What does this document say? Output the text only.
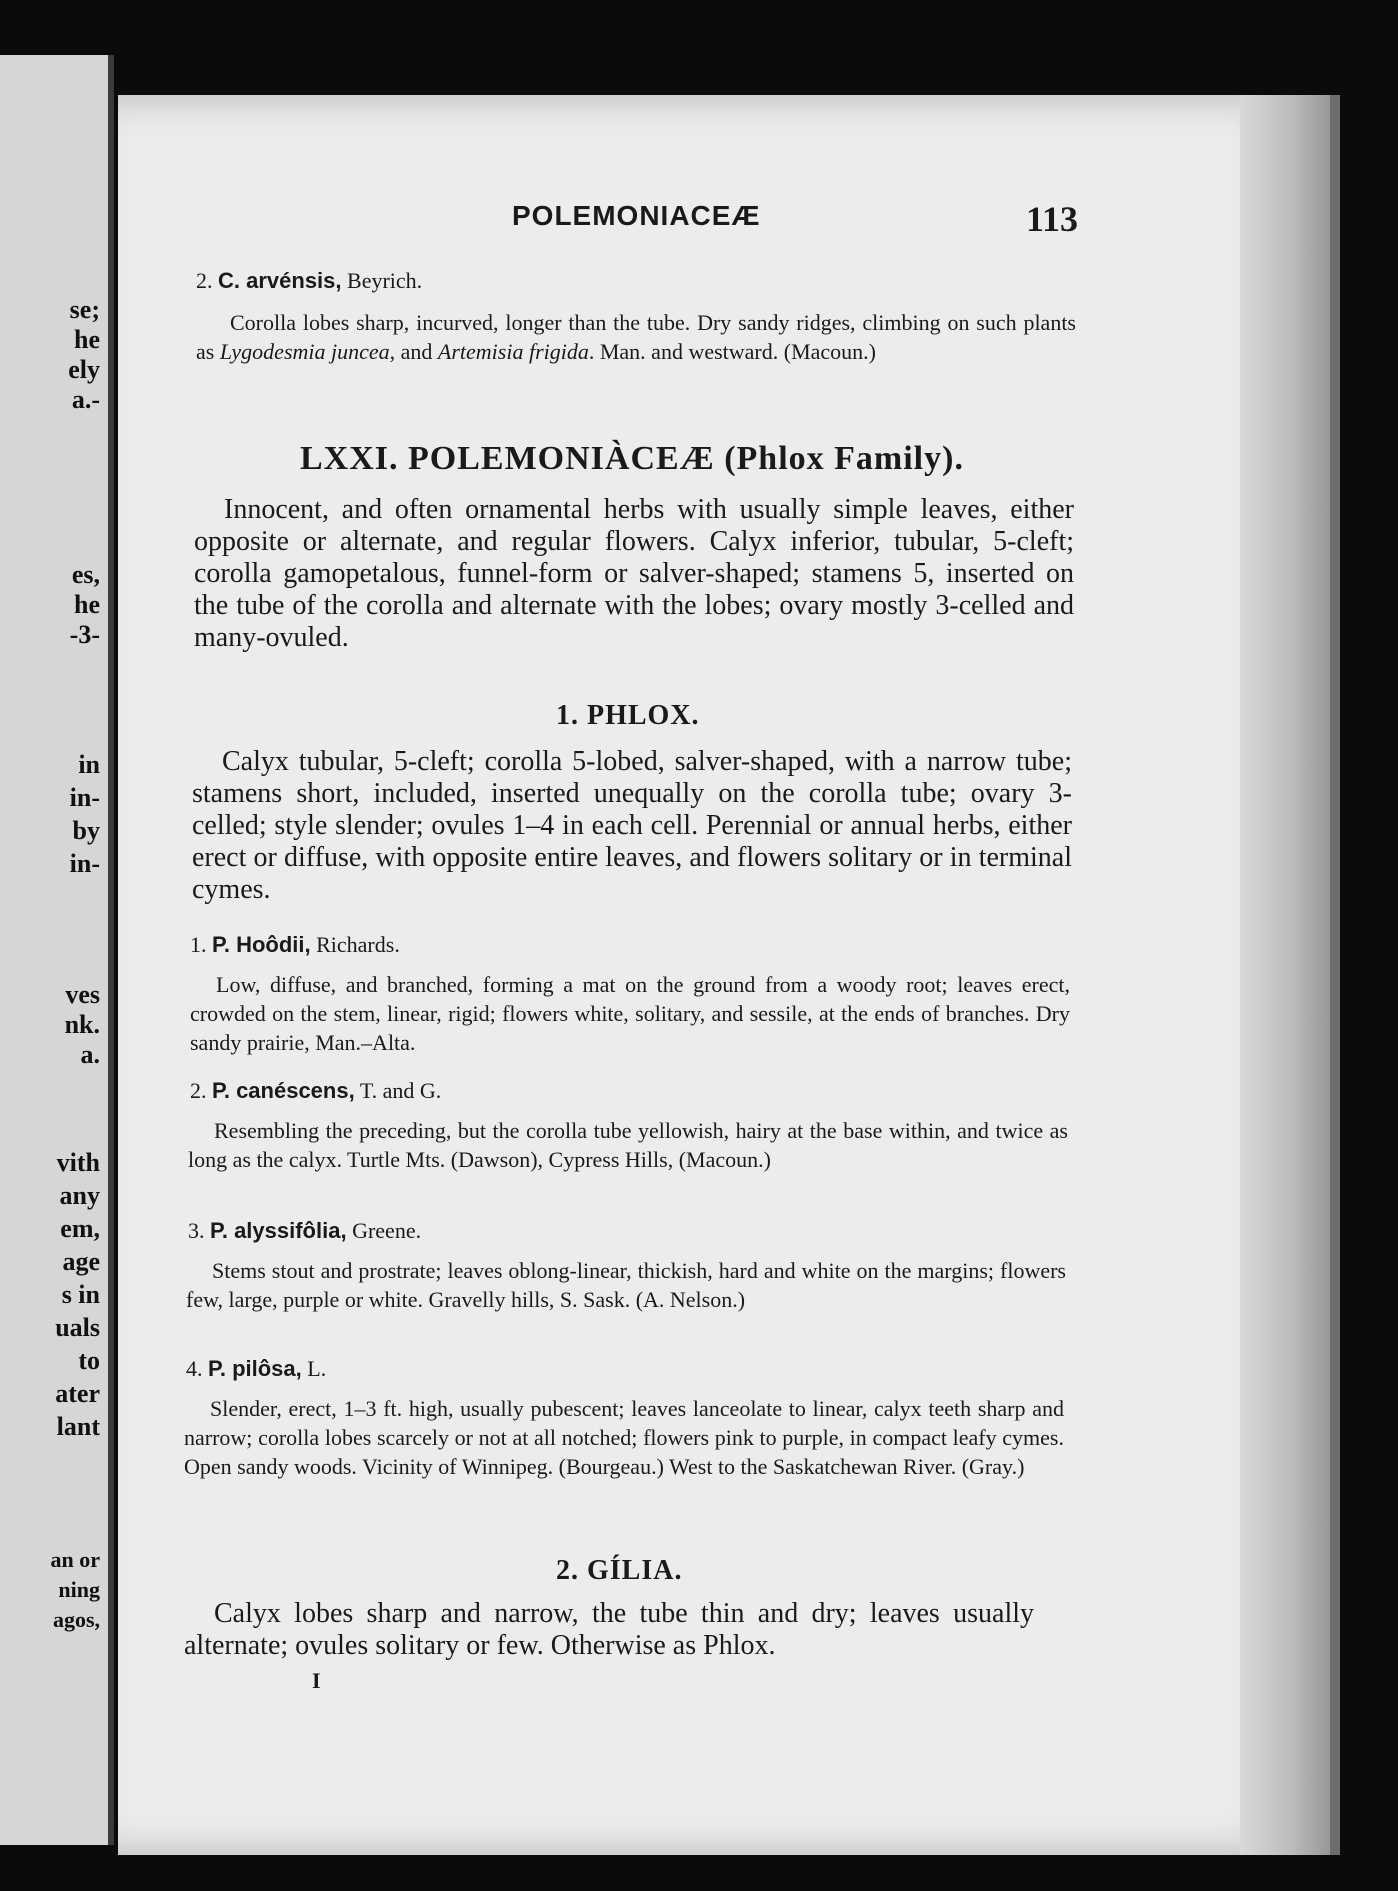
se;
he
ely
a.-
es,
he
-3-
in
in-
by
in-
ves
nk.
a.
vith
any
em,
age
s in
uals
to
ater
lant
an or
ning
agos,
POLEMONIACEÆ	113
2. C. arvénsis, Beyrich.
Corolla lobes sharp, incurved, longer than the tube. Dry sandy ridges, climbing on such plants as Lygodesmia juncea, and Artemisia frigida. Man. and westward. (Macoun.)
LXXI. POLEMONIÀCEÆ (Phlox Family).
Innocent, and often ornamental herbs with usually simple leaves, either opposite or alternate, and regular flowers. Calyx inferior, tubular, 5-cleft; corolla gamopetalous, funnel-form or salver-shaped; stamens 5, inserted on the tube of the corolla and alternate with the lobes; ovary mostly 3-celled and many-ovuled.
1. PHLOX.
Calyx tubular, 5-cleft; corolla 5-lobed, salver-shaped, with a narrow tube; stamens short, included, inserted unequally on the corolla tube; ovary 3-celled; style slender; ovules 1–4 in each cell. Perennial or annual herbs, either erect or diffuse, with opposite entire leaves, and flowers solitary or in terminal cymes.
1. P. Hoôdii, Richards.
Low, diffuse, and branched, forming a mat on the ground from a woody root; leaves erect, crowded on the stem, linear, rigid; flowers white, solitary, and sessile, at the ends of branches. Dry sandy prairie, Man.–Alta.
2. P. canéscens, T. and G.
Resembling the preceding, but the corolla tube yellowish, hairy at the base within, and twice as long as the calyx. Turtle Mts. (Dawson), Cypress Hills, (Macoun.)
3. P. alyssifôlia, Greene.
Stems stout and prostrate; leaves oblong-linear, thickish, hard and white on the margins; flowers few, large, purple or white. Gravelly hills, S. Sask. (A. Nelson.)
4. P. pilôsa, L.
Slender, erect, 1–3 ft. high, usually pubescent; leaves lanceolate to linear, calyx teeth sharp and narrow; corolla lobes scarcely or not at all notched; flowers pink to purple, in compact leafy cymes. Open sandy woods. Vicinity of Winnipeg. (Bourgeau.) West to the Saskatchewan River. (Gray.)
2. GÍLIA.
Calyx lobes sharp and narrow, the tube thin and dry; leaves usually alternate; ovules solitary or few. Otherwise as Phlox.
I
